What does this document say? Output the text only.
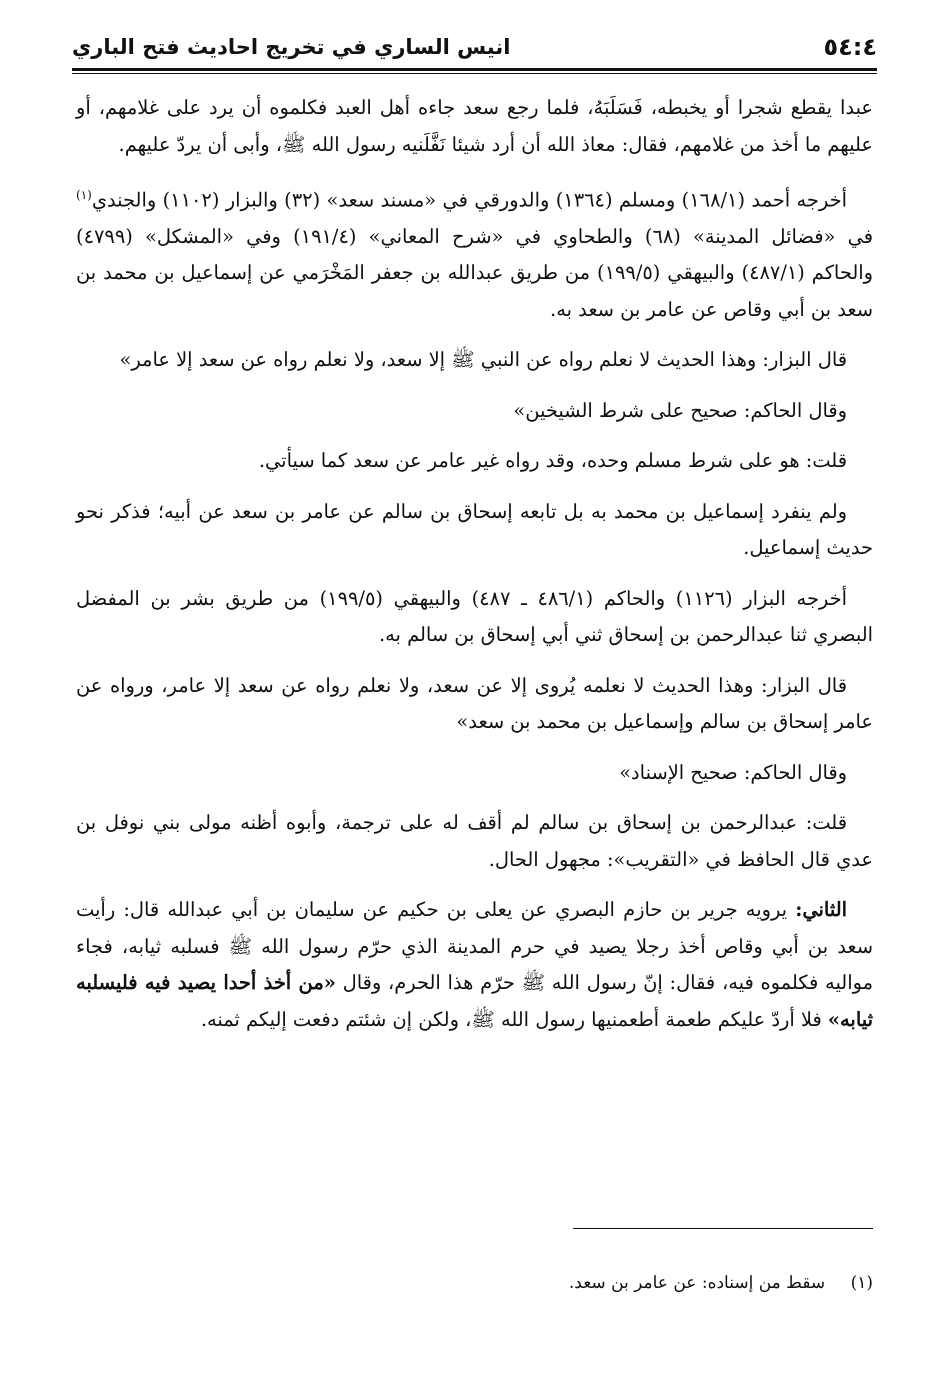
٥٤:٤
انيس الساري في تخريج احاديث فتح الباري

عبدا يقطع شجرا أو يخبطه، فَسَلَبَهُ، فلما رجع سعد جاءه أهل العبد فكلموه أن يرد على غلامهم، أو عليهم ما أخذ من غلامهم، فقال: معاذ الله أن أرد شيئا نَفَّلَنيه رسول الله ﷺ، وأبى أن يردّ عليهم.

أخرجه أحمد (١٦٨/١) ومسلم (١٣٦٤) والدورقي في «مسند سعد» (٣٢) والبزار (١١٠٢) والجندي$^{(١)}$ في «فضائل المدينة» (٦٨) والطحاوي في «شرح المعاني» (١٩١/٤) وفي «المشكل» (٤٧٩٩) والحاكم (٤٨٧/١) والبيهقي (١٩٩/٥) من طريق عبدالله بن جعفر المَخْرَمي عن إسماعيل بن محمد بن سعد بن أبي وقاص عن عامر بن سعد به.

قال البزار: وهذا الحديث لا نعلم رواه عن النبي ﷺ إلا سعد، ولا نعلم رواه عن سعد إلا عامر»

وقال الحاكم: صحيح على شرط الشيخين»

قلت: هو على شرط مسلم وحده، وقد رواه غير عامر عن سعد كما سيأتي.

ولم ينفرد إسماعيل بن محمد به بل تابعه إسحاق بن سالم عن عامر بن سعد عن أبيه؛ فذكر نحو حديث إسماعيل.

أخرجه البزار (١١٢٦) والحاكم (٤٨٦/١ ـ ٤٨٧) والبيهقي (١٩٩/٥) من طريق بشر بن المفضل البصري ثنا عبدالرحمن بن إسحاق ثني أبي إسحاق بن سالم به.

قال البزار: وهذا الحديث لا نعلمه يُروى إلا عن سعد، ولا نعلم رواه عن سعد إلا عامر، ورواه عن عامر إسحاق بن سالم وإسماعيل بن محمد بن سعد»

وقال الحاكم: صحيح الإسناد»

قلت: عبدالرحمن بن إسحاق بن سالم لم أقف له على ترجمة، وأبوه أظنه مولى بني نوفل بن عدي قال الحافظ في «التقريب»: مجهول الحال.

الثاني: يرويه جرير بن حازم البصري عن يعلى بن حكيم عن سليمان بن أبي عبدالله قال: رأيت سعد بن أبي وقاص أخذ رجلا يصيد في حرم المدينة الذي حرّم رسول الله ﷺ فسلبه ثيابه، فجاء مواليه فكلموه فيه، فقال: إنّ رسول الله ﷺ حرّم هذا الحرم، وقال «من أخذ أحدا يصيد فيه فليسلبه ثيابه» فلا أردّ عليكم طعمة أطعمنيها رسول الله ﷺ، ولكن إن شئتم دفعت إليكم ثمنه.

(١) سقط من إسناده: عن عامر بن سعد.
